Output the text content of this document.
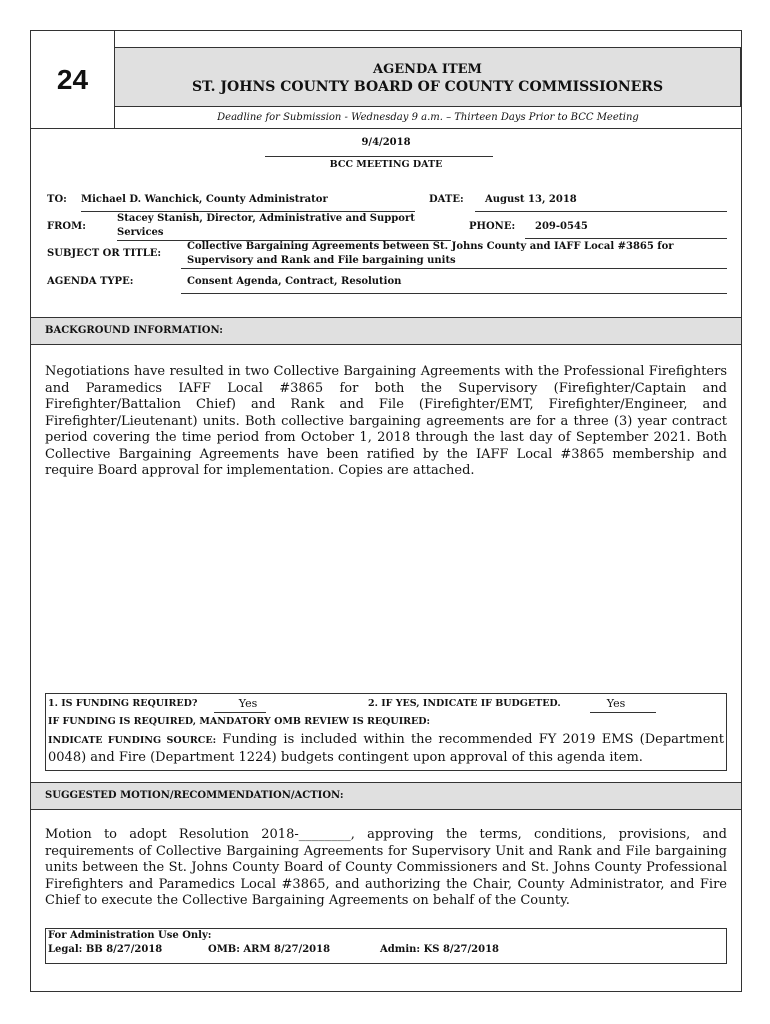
24	AGENDA ITEM
ST. JOHNS COUNTY BOARD OF COUNTY COMMISSIONERS
Deadline for Submission - Wednesday 9 a.m. – Thirteen Days Prior to BCC Meeting
9/4/2018
BCC MEETING DATE
TO: Michael D. Wanchick, County Administrator	DATE: August 13, 2018
FROM:
Stacey Stanish, Director, Administrative and Support
Services
PHONE: 209-0545
SUBJECT OR TITLE:
Collective Bargaining Agreements between St. Johns County and IAFF Local #3865 for
Supervisory and Rank and File bargaining units
AGENDA TYPE:	Consent Agenda, Contract, Resolution
BACKGROUND INFORMATION:
Negotiations have resulted in two Collective Bargaining Agreements with the Professional Firefighters and Paramedics IAFF Local #3865 for both the Supervisory (Firefighter/Captain and Firefighter/Battalion Chief) and Rank and File (Firefighter/EMT, Firefighter/Engineer, and Firefighter/Lieutenant) units. Both collective bargaining agreements are for a three (3) year contract period covering the time period from October 1, 2018 through the last day of September 2021. Both Collective Bargaining Agreements have been ratified by the IAFF Local #3865 membership and require Board approval for implementation. Copies are attached.
1. IS FUNDING REQUIRED?	Yes	2. IF YES, INDICATE IF BUDGETED.	Yes
IF FUNDING IS REQUIRED, MANDATORY OMB REVIEW IS REQUIRED:
INDICATE FUNDING SOURCE: Funding is included within the recommended FY 2019 EMS (Department 0048) and Fire (Department 1224) budgets contingent upon approval of this agenda item.
SUGGESTED MOTION/RECOMMENDATION/ACTION:
Motion to adopt Resolution 2018-________, approving the terms, conditions, provisions, and requirements of Collective Bargaining Agreements for Supervisory Unit and Rank and File bargaining units between the St. Johns County Board of County Commissioners and St. Johns County Professional Firefighters and Paramedics Local #3865, and authorizing the Chair, County Administrator, and Fire Chief to execute the Collective Bargaining Agreements on behalf of the County.
For Administration Use Only:
Legal: BB 8/27/2018	OMB: ARM 8/27/2018	Admin: KS 8/27/2018
